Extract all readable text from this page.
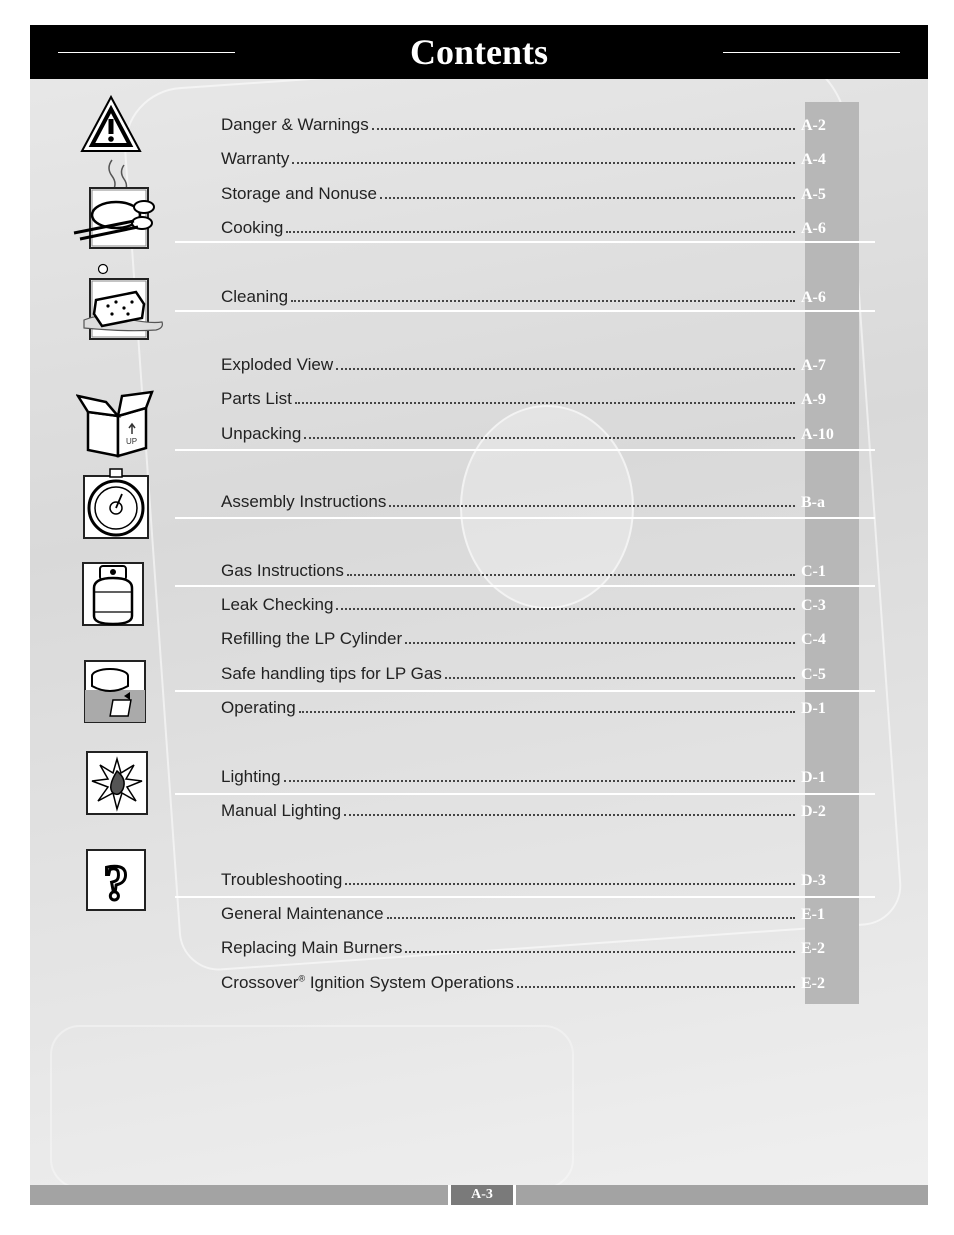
Contents
Danger & Warnings	A-2
Warranty	A-4
Storage and Nonuse	A-5
Cooking	A-6
Cleaning	A-6
Exploded View	A-7
Parts List	A-9
Unpacking	A-10
Assembly Instructions	B-a
Gas Instructions	C-1
Leak Checking	C-3
Refilling the LP Cylinder	C-4
Safe handling tips for LP Gas	C-5
Operating	D-1
Lighting	D-1
Manual Lighting	D-2
Troubleshooting	D-3
General Maintenance	E-1
Replacing Main Burners	E-2
Crossover® Ignition System Operations	E-2
UP
?
A-3
